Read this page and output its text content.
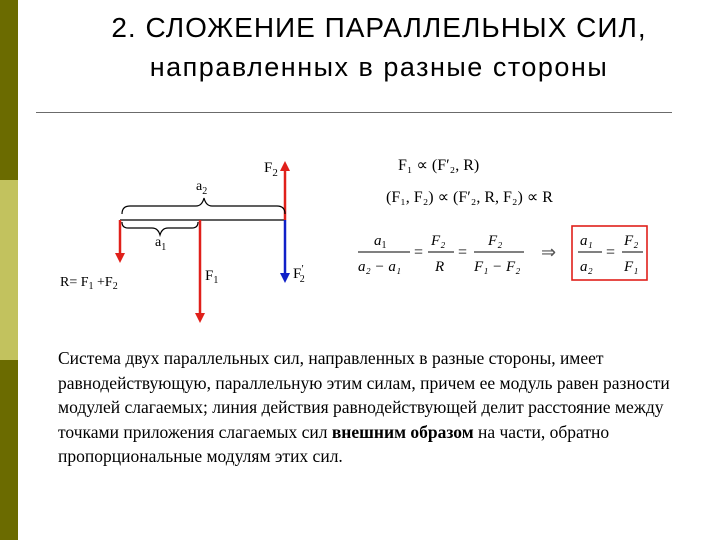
2. СЛОЖЕНИЕ ПАРАЛЛЕЛЬНЫХ СИЛ,
направленных в разные стороны
$F_2$
$a_2$
$a_1$
$R= F_1 +F_2$
$F_1$	F′ 2
F₁ ∝ (F′₂, R)
(F₁, F₂) ∝ (F′₂, R, F₂) ∝ R
$a_1$
a₂ − a₁
=
F₂
R
=
F₂
F₁ − F₂
⇒
a₁
a₂
=
F₂
F₁
Система двух параллельных сил, направленных в разные стороны, имеет равнодействующую, параллельную этим силам, причем ее модуль равен разности модулей слагаемых; линия действия равнодействующей делит расстояние между точками приложения слагаемых сил внешним образом на части, обратно пропорциональные модулям этих сил.
